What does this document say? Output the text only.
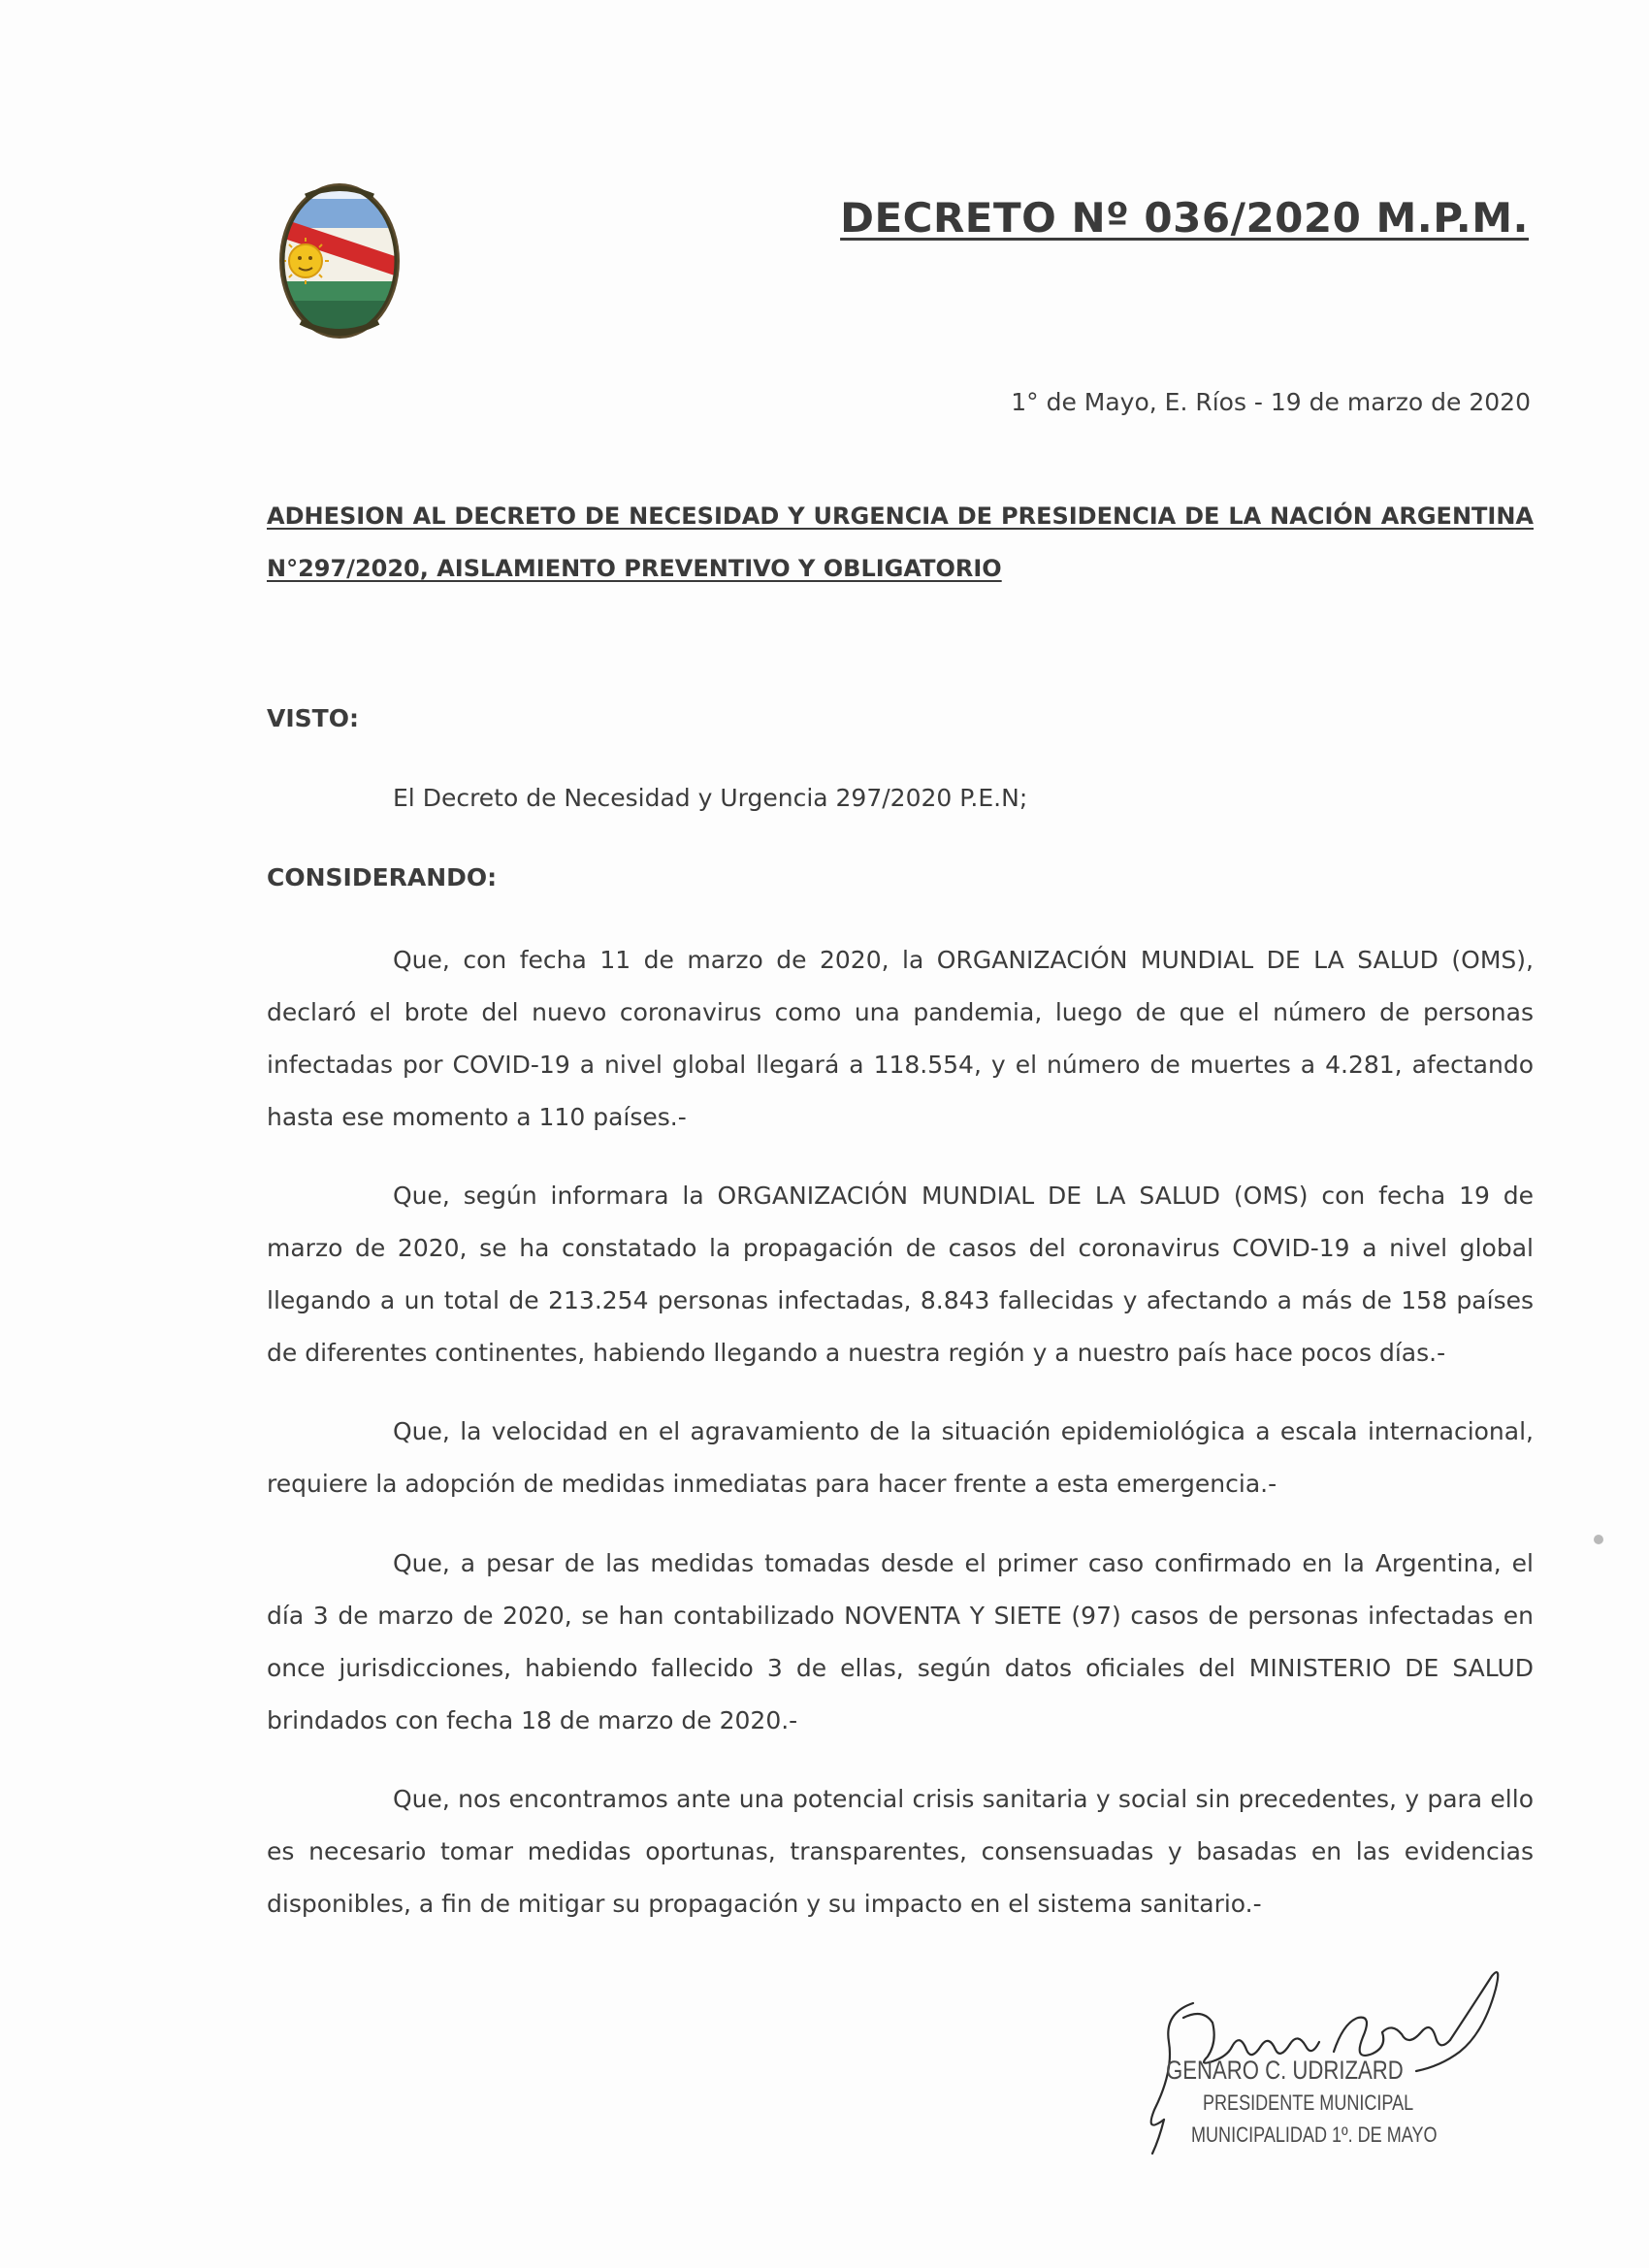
DECRETO Nº 036/2020 M.P.M.
1° de Mayo, E. Ríos - 19 de marzo de 2020
ADHESION AL DECRETO DE NECESIDAD Y URGENCIA DE PRESIDENCIA DE LA NACIÓN ARGENTINA N°297/2020, AISLAMIENTO PREVENTIVO Y OBLIGATORIO
VISTO:
El Decreto de Necesidad y Urgencia 297/2020 P.E.N;
CONSIDERANDO:

Que, con fecha 11 de marzo de 2020, la ORGANIZACIÓN MUNDIAL DE LA SALUD (OMS), declaró el brote del nuevo coronavirus como una pandemia, luego de que el número de personas infectadas por COVID-19 a nivel global llegará a 118.554, y el número de muertes a 4.281, afectando hasta ese momento a 110 países.-

Que, según informara la ORGANIZACIÓN MUNDIAL DE LA SALUD (OMS) con fecha 19 de marzo de 2020, se ha constatado la propagación de casos del coronavirus COVID-19 a nivel global llegando a un total de 213.254 personas infectadas, 8.843 fallecidas y afectando a más de 158 países de diferentes continentes, habiendo llegando a nuestra región y a nuestro país hace pocos días.-

Que, la velocidad en el agravamiento de la situación epidemiológica a escala internacional, requiere la adopción de medidas inmediatas para hacer frente a esta emergencia.-

Que, a pesar de las medidas tomadas desde el primer caso confirmado en la Argentina, el día 3 de marzo de 2020, se han contabilizado NOVENTA Y SIETE (97) casos de personas infectadas en once jurisdicciones, habiendo fallecido 3 de ellas, según datos oficiales del MINISTERIO DE SALUD brindados con fecha 18 de marzo de 2020.-

Que, nos encontramos ante una potencial crisis sanitaria y social sin precedentes, y para ello es necesario tomar medidas oportunas, transparentes, consensuadas y basadas en las evidencias disponibles, a fin de mitigar su propagación y su impacto en el sistema sanitario.-

GENARO C. UDRIZARD
PRESIDENTE MUNICIPAL
MUNICIPALIDAD 1º. DE MAYO
